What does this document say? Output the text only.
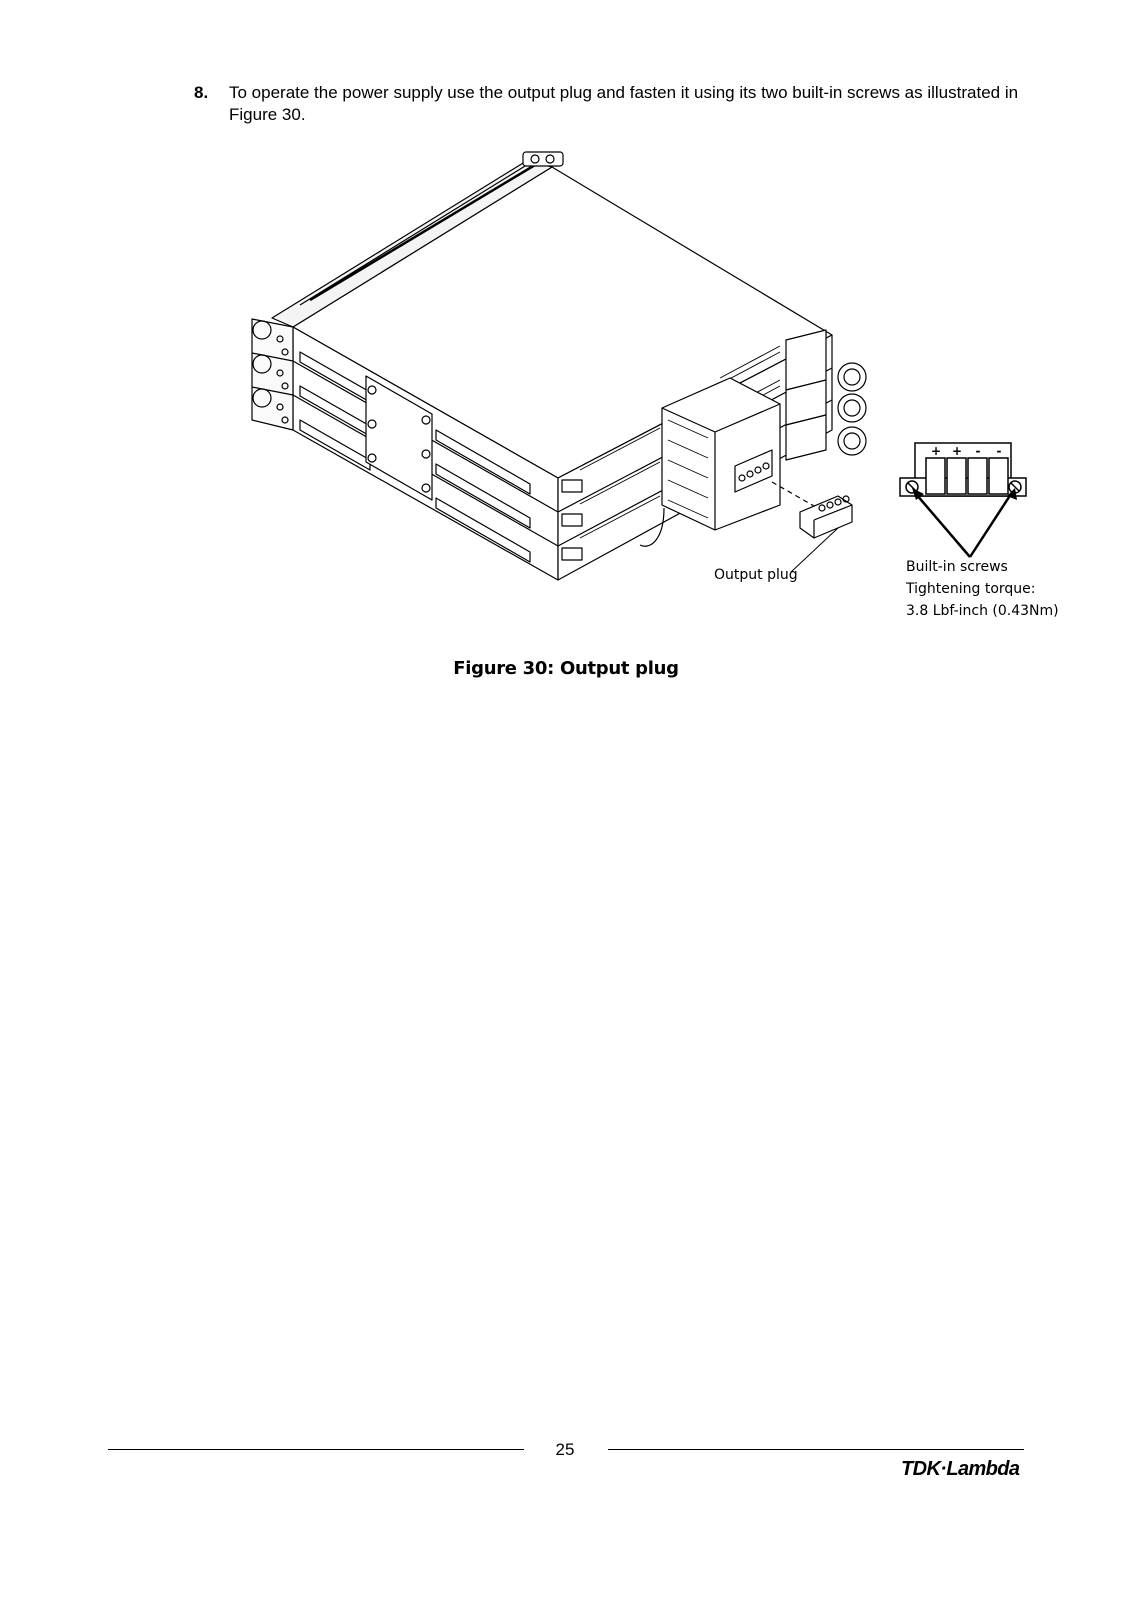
8. To operate the power supply use the output plug and fasten it using its two built-in screws as illustrated in Figure 30.
+ + - -
Output plug	Built-in screws
Tightening torque:
3.8 Lbf-inch (0.43Nm)
Figure 30: Output plug
25
TDK·Lambda
